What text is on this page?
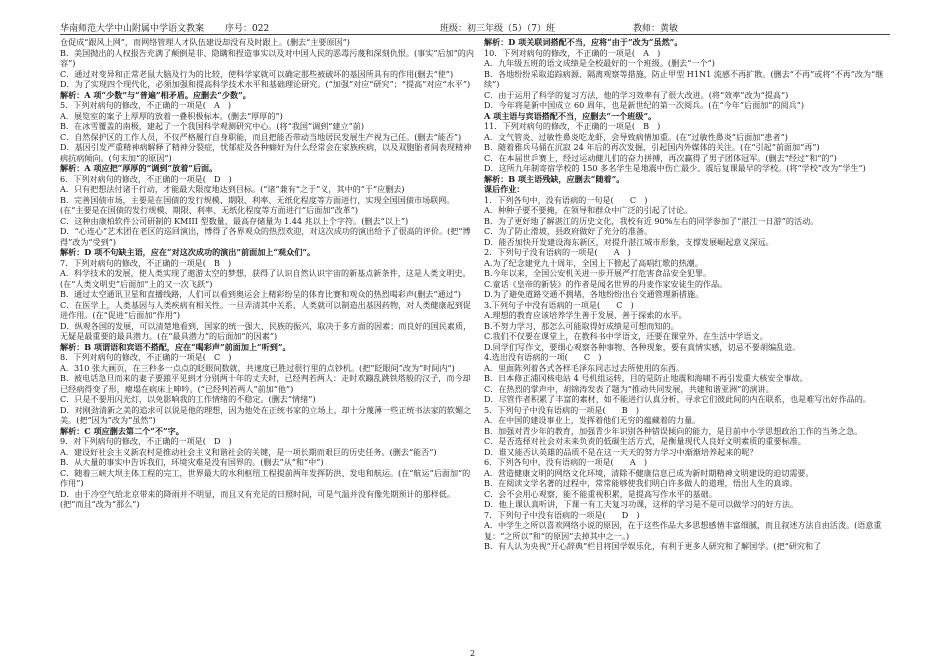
华南师范大学中山附属中学语文教案 序号：022	班级：初三年级（5）（7）班	教师：黄敏

仓促成“跟风上网”，而网络管理人才队伍建设却没有及时跟上。(删去“主要原因”)

B．美国抛出的人权报告充满了颠倒是非、隐瞒和捏造事实以及对中国人民的恶毒污蔑和深刻仇恨。(事实”后加“的内容”)

C．通过对变异和正常老鼠大脑及行为的比较，使科学家就可以确定那些被破坏的基因所具有的作用(删去“使”)

D．为了实现四个现代化，必须加强和提高科学技术水平和基础理论研究。(“加强”对应“研究”；“提高”对应“水平”)

解析：A 项“少数”与“普遍”相矛盾。应删去“少数”。

5．下列对病句的修改，不正确的一项是(　A　)

A．展览室的案子上厚厚的放着一叠积极标本。(删去“厚厚的”)

B．在冰雪覆盖的南极，建起了一个我国科学观测研究中心。(将“我国”调到“建立”前)

C．自然保护区的工作人员，不仅严格履行自身职能，而且把能否带动当地居民发展生产视为己任。(删去“能否”)

D．基因引发严重精神病解释了精神分裂症，忧郁症及各种癖好为什么经常会在家族疾病，以及双胞胎者间表现精神病抗病倾向。(句末加“的原因”)

解析：A 项应把“厚厚的”调到“放着”后面。

6．下列对病句的修改，不正确的一项是(　D　)

A．只有把想法付诸于行动，才能最大限度地达到目标。(“诸”兼有“之于”义，其中的“于”应删去)

B．完善国债市场，主要是在国债的发行规模、期限、利率、无纸化程度等方面进行，实现全国国债市场联网。(在“主要是在国债的发行规模、期限、利率、无纸化程度等方面进行”后面加“改革”)

C．这种由康柏软件公司研制的 KMIII 型数量，最高存储量为 1.44 兆以上个字符。(删去“以上”)

D．“心连心”艺术团在老区的巡回演出，博得了各界观众的热烈欢迎，对这次成功的演出给予了很高的评价。(把“博得”改为“受到”)

解析：D 项不句缺主语，应在“对这次成功的演出”前面加上“观众们”。

7．下列对病句的修改，不正确的一项是(　B　)

A．科学技术的发展，使人类实现了遨游太空的梦想，获得了认识自然认识宇宙的新基点新条件，这是人类文明史。(在“人类文明史”后面加“上的又一次飞跃”)

B．通过太空通讯卫星和直播线路，人们可以看到奥运会上精彩纷呈的体育比赛和观众的热烈喝彩声(删去“通过”)

C．在医学上，人类基因与人类疾病有相关性。一旦弄清其中关系，人类就可以制造出基因药物，对人类健康起到促进作用。(在“促进”后面加“作用”)

D．纵观各国的发展，可以清楚地看到，国家的统一强大、民族的振兴，取决于多方面的因素；而良好的国民素质，无疑是最重要的最具潜力。(在“最具潜力”的后面加“的因素”)

解析：B 项谓语和宾语不搭配，应在“喝彩声”前面加上“听到”。

8．下列对病句的修改，不正确的一项是(　C　)

A．310 张大画页，在三秒多一点点的眨眼间数就，共速度已胜过很行里的点钞机。(把“眨眼间”改为“时间内”)

B．被电话急旦而来的妻子要踉平见到才分别两十年的丈夫时，已经判若两人：走时欢蹦乱跳铁塔般的汉子，而今却已经病得变了形，瘪塌在病床上呻吟。(“已经判若两人”前加“他”)

C．只是不要用闪光灯，以免影响我的工作情绪的不稳定。(删去“情绪”)

D．对刚劲清新之美的追求可以说是他的理想，因为他处在正统书家的立场上，却十分蔑薄一些正统书法家的软媚之美。(把“因为”改为“虽然”)

解析：C 项应删去第二个“不”字。

9．对下列病句的修改，不正确的一项是(　D　)

A．建设好社会主义新农村是推动社会主义和谐社会的关键，是一项长期而艰巨的历史任务。(删去“能否”)

B．从大量的事实中告诉我们，环境灾难是没有国界的。(删去“从”和“中”)

C．随着三峡大坝主体工程的完工，世界最大的水利枢纽工程提前两年发挥防洪、发电和航运。(在“航运”后面加“的作用”)

D．由于冷空气给北京带来的降雨并不明显，而且又有充足的日照时间，可是气温并没有像先期预计的那样低。(把“而且”改为“那么”)

解析：D 项关联词搭配不当，应将“由于”改为“虽然”。

10．下列对病句的修改，不正确的一项是(　A　)

A．九年级五班的语文成绩是全校最好的一个班级。(删去“一个”)

B．各地纷纷采取追踪病源、隔离观察等措施，防止甲型 H1N1 流感不再扩散。(删去“不再”或将“不再”改为“继续”)

C．由于运用了科学的复习方法，他的学习效率有了很大改进。(将“效率”改为“提高”)

D．今年将是新中国成立 60 周年，也是新世纪的第一次阅兵。(在“今年”后面加“的阅兵”)

A 项主语与宾语搭配不当，应删去“一个班级”。

11．下列对病句的修改，不正确的一项是(　B　)

A．文气管炎、过敏性鼻炎吃龙虾，会导致病情加重。(在“过敏性鼻炎”后面加“患者”)

B．随着雅兵马俑在沉寂 24 年后的再次发掘，引起国内外媒体的关注。(在“引起”前面加“再”)

C．在本届世乒赛上，经过运动健儿们的奋力拼搏，再次赢得了男子团体冠军。(删去“经过”和“的”)

D．这所九年制寄宿学校的 150 多名学生是地震中伤亡最少、震后复课最早的学校。(将“学校”改为“学生”)

解析：B 项主语残缺，应删去“随着”。

课后作业：

1．下列各句中，没有语病的一句是(　　C　)

A．种种子要不要掩，在领导和群众中广泛的引起了讨论。

B．为了更好地了解湛江的历史文化，我校有近 90%左右的同学参加了“湛江一日游”的活动。

C．为了防止滑坡，县政府做好了充分的准备。

D．能否加快开发建设海东新区，对提升湛江城市形象，支撑发展崛起意义深远。

2．下列句子没有语病的一项是(　　A　)

A.为了纪念建党九十周年，全国上下掀起了高唱红歌的热潮。

B.今年以来，全国公安机关进一步开展严打危害食品安全犯罪。

C.童话《皇帝的新装》的作者是闻名世界的丹麦作家安徒生的作品。

D.为了避免道路交通不拥堵，各地纷纷出台交通管理新措施。

3.下列句子中没有语病的一项是(　　C　)

A.理想的教育应该培养学生善于发展、善于探索的水平。

B.不努力学习，那怎么可能取得好成绩是可想而知的。

C.我们不仅要在课堂上，在教科书中学语文，还要在课堂外、在生活中学语文。

D.同学们写作文，要细心观察各种事物、各种现象，要有真情实感，切忌不要胡编乱造。

4.选出没有语病的一项(　　C　)

A．里面陈列着各式各样毛泽东同志过去所使用的东西。

B．日本修正浦冈核电站 4 号机组运转，目的是防止地震和海啸不再引发重大核安全事故。

C．在热烈的掌声中，胡锦涛发表了题为“推动共同发展，共建和谐亚洲”的演讲。

D．尽管作者积累了丰富的素材，如不能进行认真分析，寻求它们彼此间的内在联系，也是难写出好作品的。

5．下列句子中没有语病的一项是(　　B　)

A．在中国的建设事业上，发挥着他们无穷的蕴藏着的力量。

B．加强对青少年的教育，加强青少年识别各种错误倾向的能力，是目前中小学思想政治工作的当务之急。

C．是否选择对社会对未来负责的低碳生活方式，是衡量现代人良好文明素质的重要标准。

D．谁又能否认英雄的品质不是在这一天天的努力学习中渐渐培养起来的呢？

6．下列各句中，没有语病的一项是(　　A　)

A．营造健康文明的网络文化环境，清除不健康信息已成为新时期精神文明建设的迫切需要。

B．在阅读文学名著的过程中，常常能够使我们明白许多做人的道理，悟出人生的真谛。

C．会不会用心观察，能不能重视积累，是提高写作水平的基础。

D．他上课认真听讲，下课一有工夫复习功课，这样的学习是不是可以做学习的好方法。

7．下列句子中没有语病的一项是(　　D　)

A．中学生之所以喜欢网络小说的原因，在于这些作品大多思想感情丰富细腻，而且叙述方法自由活泼。(语意重复：“之所以”和“的原因”去掉其中之一。)

B．有人认为央视“开心辞典”栏目将国学娱乐化，有利于更多人研究和了解国学。(把“研究和了

2
